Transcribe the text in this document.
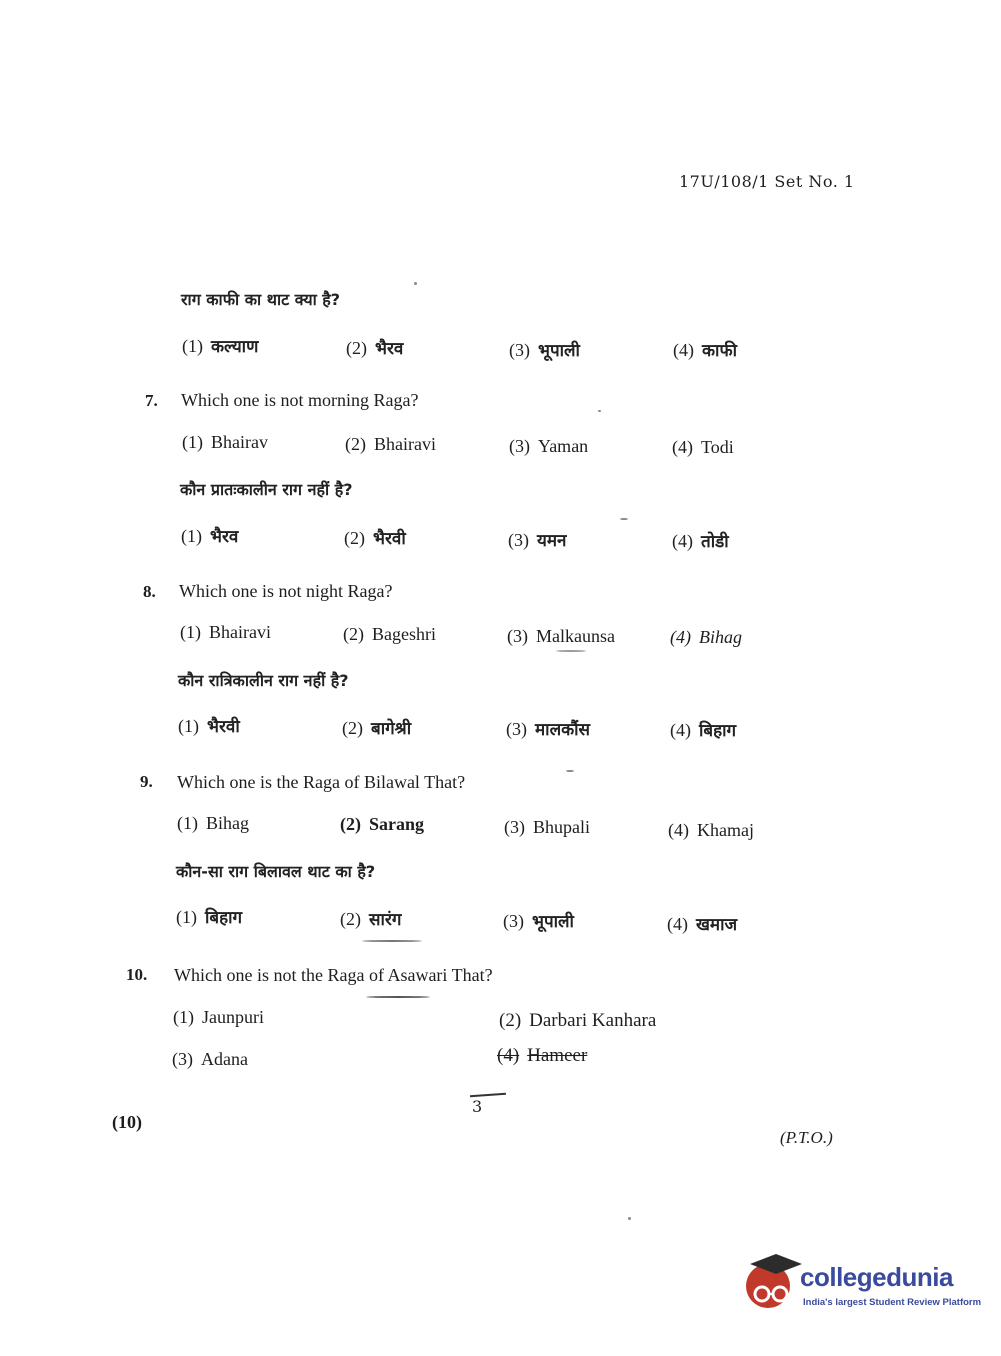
17U/108/1 Set No. 1
राग काफी का थाट क्या है?
(1) कल्याण	(2) भैरव	(3) भूपाली	(4) काफी
7. Which one is not morning Raga?
(1) Bhairav	(2) Bhairavi	(3) Yaman	(4) Todi
कौन प्रातःकालीन राग नहीं है?
(1) भैरव	(2) भैरवी	(3) यमन	(4) तोडी
8. Which one is not night Raga?
(1) Bhairavi	(2) Bageshri	(3) Malkaunsa	(4) Bihag
कौन रात्रिकालीन राग नहीं है?
(1) भैरवी	(2) बागेश्री	(3) मालकौंस	(4) बिहाग
9. Which one is the Raga of Bilawal That?
(1) Bihag	(2) Sarang	(3) Bhupali	(4) Khamaj
कौन-सा राग बिलावल थाट का है?
(1) बिहाग	(2) सारंग	(3) भूपाली	(4) खमाज
10. Which one is not the Raga of Asawari That?
(1) Jaunpuri	(2) Darbari Kanhara
(3) Adana	(4) Hameer
3
(10)
(P.T.O.)
collegedunia
India's largest Student Review Platform
